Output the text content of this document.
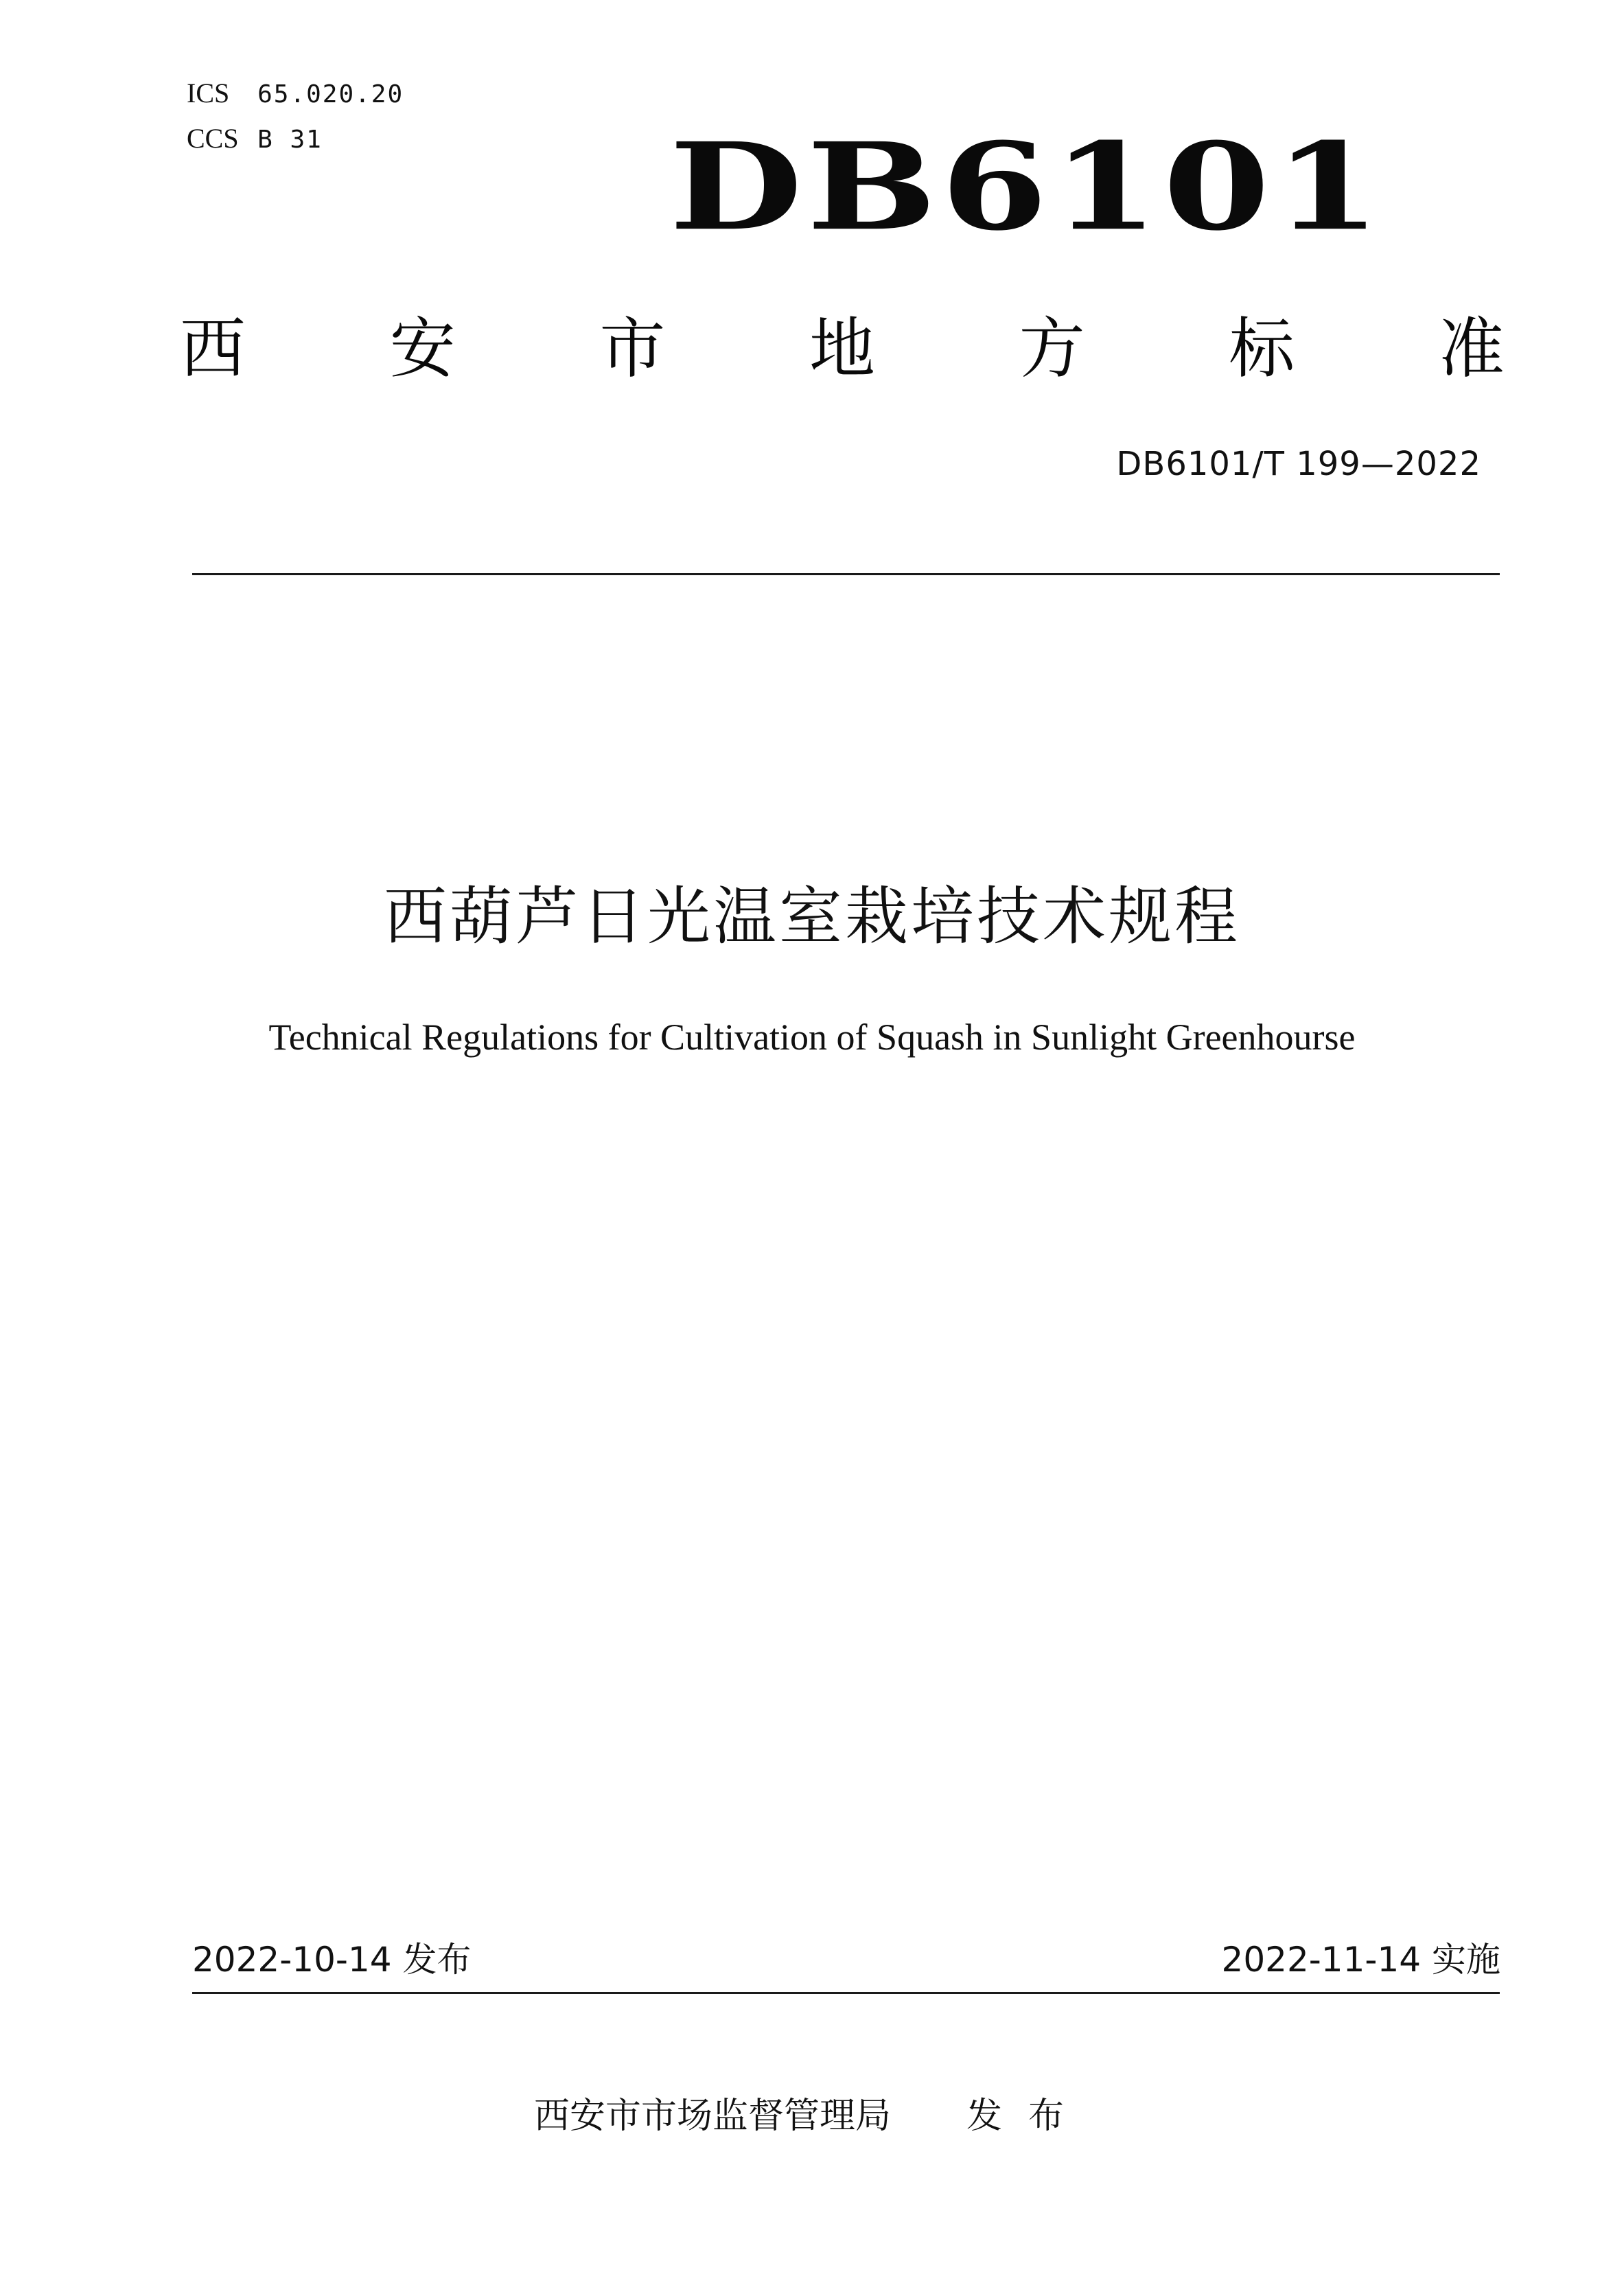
ICS 65.020.20
CCS B 31 DB6101
西 安 市 地 方 标 准
DB6101/T 199—2022
西葫芦日光温室栽培技术规程
Technical Regulations for Cultivation of Squash in Sunlight Greenhourse
2022-10-14 发布	2022-11-14 实施
西安市市场监督管理局 发布
